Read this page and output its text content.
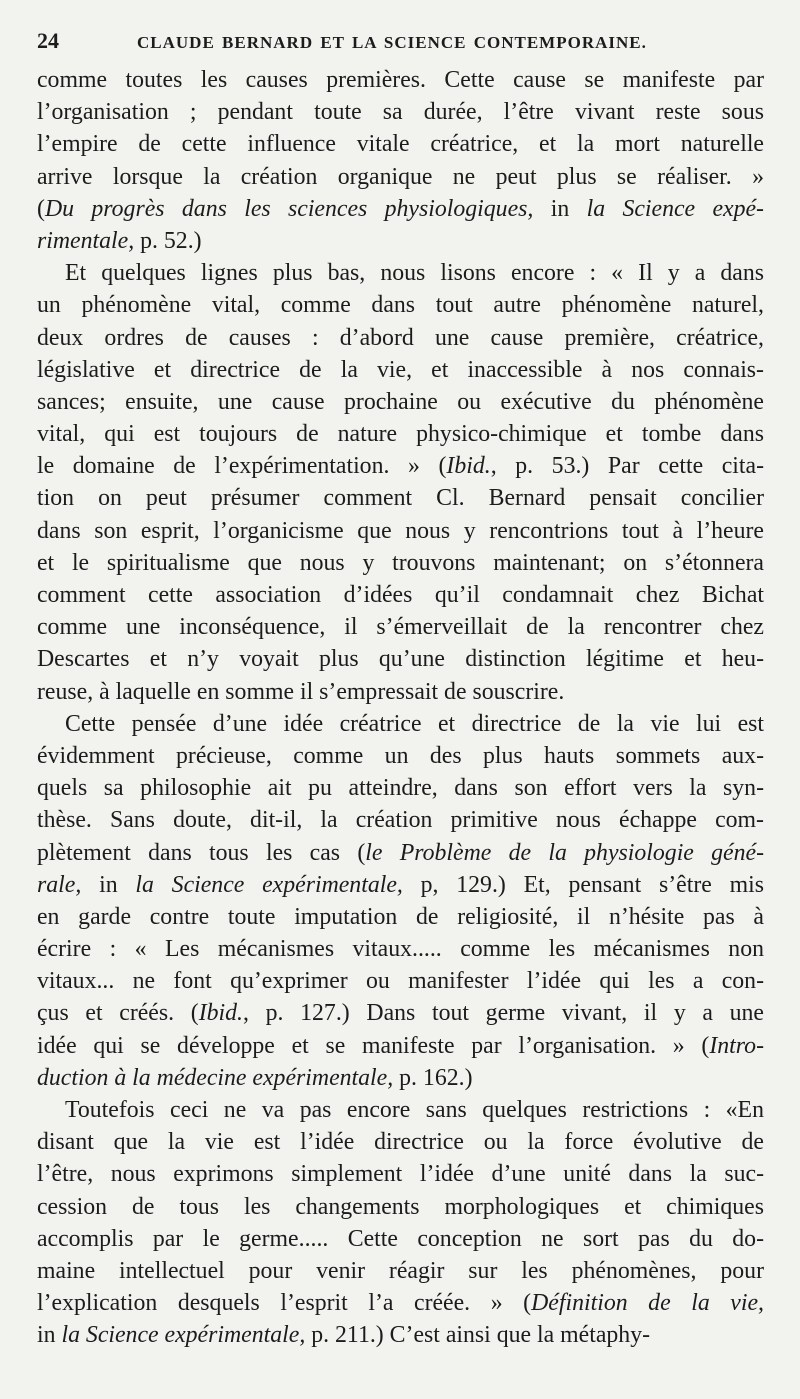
24	CLAUDE BERNARD ET LA SCIENCE CONTEMPORAINE.
comme toutes les causes premières. Cette cause se manifeste par
l’organisation ; pendant toute sa durée, l’être vivant reste sous
l’empire de cette influence vitale créatrice, et la mort naturelle
arrive lorsque la création organique ne peut plus se réaliser. »
(Du progrès dans les sciences physiologiques, in la Science expé-
rimentale, p. 52.)
Et quelques lignes plus bas, nous lisons encore : « Il y a dans
un phénomène vital, comme dans tout autre phénomène naturel,
deux ordres de causes : d’abord une cause première, créatrice,
législative et directrice de la vie, et inaccessible à nos connais-
sances; ensuite, une cause prochaine ou exécutive du phénomène
vital, qui est toujours de nature physico-chimique et tombe dans
le domaine de l’expérimentation. » (Ibid., p. 53.) Par cette cita-
tion on peut présumer comment Cl. Bernard pensait concilier
dans son esprit, l’organicisme que nous y rencontrions tout à l’heure
et le spiritualisme que nous y trouvons maintenant; on s’étonnera
comment cette association d’idées qu’il condamnait chez Bichat
comme une inconséquence, il s’émerveillait de la rencontrer chez
Descartes et n’y voyait plus qu’une distinction légitime et heu-
reuse, à laquelle en somme il s’empressait de souscrire.
Cette pensée d’une idée créatrice et directrice de la vie lui est
évidemment précieuse, comme un des plus hauts sommets aux-
quels sa philosophie ait pu atteindre, dans son effort vers la syn-
thèse. Sans doute, dit-il, la création primitive nous échappe com-
plètement dans tous les cas (le Problème de la physiologie géné-
rale, in la Science expérimentale, p, 129.) Et, pensant s’être mis
en garde contre toute imputation de religiosité, il n’hésite pas à
écrire : « Les mécanismes vitaux..... comme les mécanismes non
vitaux... ne font qu’exprimer ou manifester l’idée qui les a con-
çus et créés. (Ibid., p. 127.) Dans tout germe vivant, il y a une
idée qui se développe et se manifeste par l’organisation. » (Intro-
duction à la médecine expérimentale, p. 162.)
Toutefois ceci ne va pas encore sans quelques restrictions : «En
disant que la vie est l’idée directrice ou la force évolutive de
l’être, nous exprimons simplement l’idée d’une unité dans la suc-
cession de tous les changements morphologiques et chimiques
accomplis par le germe..... Cette conception ne sort pas du do-
maine intellectuel pour venir réagir sur les phénomènes, pour
l’explication desquels l’esprit l’a créée. » (Définition de la vie,
in la Science expérimentale, p. 211.) C’est ainsi que la métaphy-
